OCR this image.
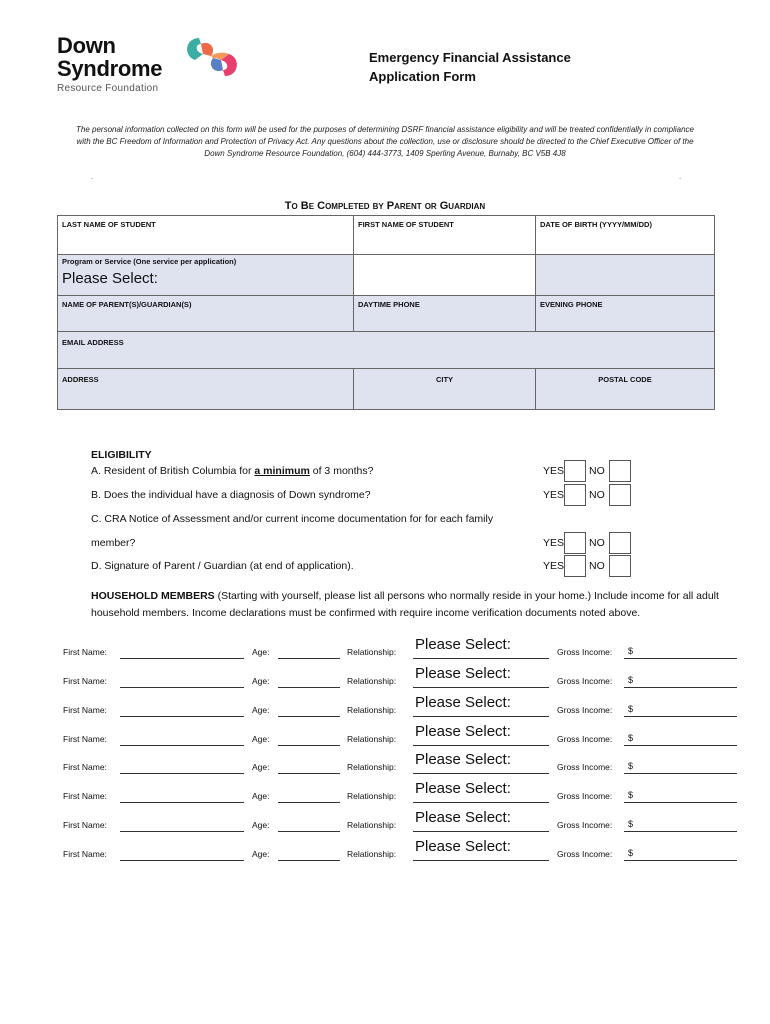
Down
Syndrome
Resource Foundation
Emergency Financial Assistance
Application Form
The personal information collected on this form will be used for the purposes of determining DSRF financial assistance eligibility and will be treated confidentially in compliance with the BC Freedom of Information and Protection of Privacy Act. Any questions about the collection, use or disclosure should be directed to the Chief Executive Officer of the Down Syndrome Resource Foundation, (604) 444-3773, 1409 Sperling Avenue, Burnaby, BC V5B 4J8
.	.
To Be Completed by Parent or Guardian
LAST NAME OF STUDENT	FIRST NAME OF STUDENT	DATE OF BIRTH (YYYY/MM/DD)
Program or Service (One service per application)
Please Select:
NAME OF PARENT(S)/GUARDIAN(S)	DAYTIME PHONE	EVENING PHONE
EMAIL ADDRESS
ADDRESS	CITY	POSTAL CODE
ELIGIBILITY
A. Resident of British Columbia for a minimum of 3 months?	YES NO
B. Does the individual have a diagnosis of Down syndrome?	YES NO
C. CRA Notice of Assessment and/or current income documentation for for each family
member?	YES NO
D. Signature of Parent / Guardian (at end of application).	YES NO
HOUSEHOLD MEMBERS (Starting with yourself, please list all persons who normally reside in your home.) Include income for all adult household members. Income declarations must be confirmed with require income verification documents noted above.
First Name:	Age:	Relationship: Please Select:	Gross Income: $
First Name:	Age:	Relationship: Please Select:	Gross Income: $
First Name:	Age:	Relationship: Please Select:	Gross Income: $
First Name:	Age:	Relationship: Please Select:	Gross Income: $
First Name:	Age:	Relationship: Please Select:	Gross Income: $
First Name:	Age:	Relationship: Please Select:	Gross Income: $
First Name:	Age:	Relationship: Please Select:	Gross Income: $
First Name:	Age:	Relationship: Please Select:	Gross Income: $
